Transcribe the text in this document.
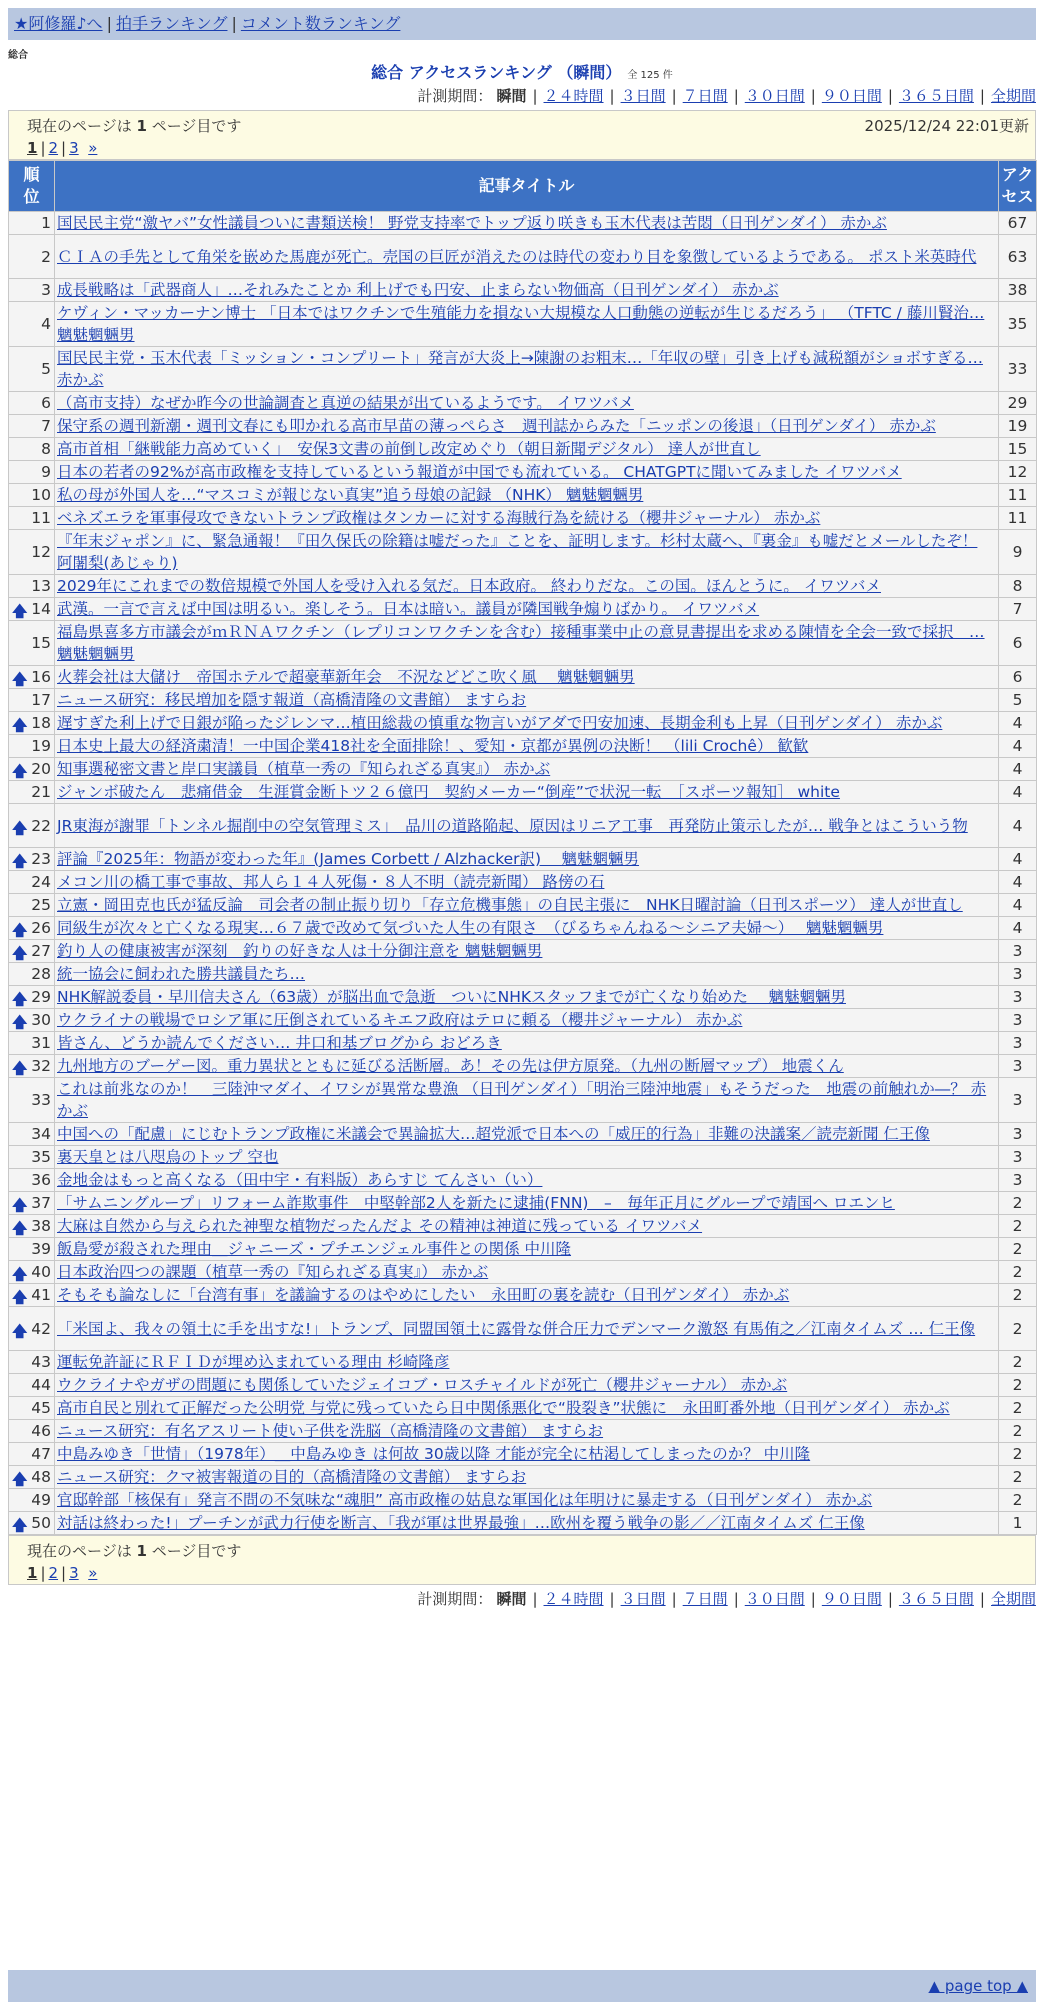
★阿修羅♪へ | 拍手ランキング | コメント数ランキング
総合
総合 アクセスランキング （瞬間） 全 125 件
計測期間： 瞬間 | ２４時間 | ３日間 | ７日間 | ３０日間 | ９０日間 | ３６５日間 | 全期間
現在のページは 1 ページ目です	2025/12/24 22:01更新
1 | 2 | 3 »
順
位	記事タイトル	アク
セス
1	国民民主党“激ヤバ”女性議員ついに書類送検！ 野党支持率でトップ返り咲きも玉木代表は苦悶（日刊ゲンダイ） 赤かぶ	67
2	ＣＩＡの手先として角栄を嵌めた馬鹿が死亡。売国の巨匠が消えたのは時代の変わり目を象徴しているようである。 ポスト米英時代	63
3	成長戦略は「武器商人」…それみたことか 利上げでも円安、止まらない物価高（日刊ゲンダイ） 赤かぶ	38
4	ケヴィン・マッカーナン博士 「日本ではワクチンで生殖能力を損ない大規模な人口動態の逆転が生じるだろう」 （TFTC / 藤川賢治… 魑魅魍魎男	35
5	国民民主党・玉木代表「ミッション・コンプリート」発言が大炎上→陳謝のお粗末…「年収の壁」引き上げも減税額がショボすぎる… 赤かぶ	33
6	（高市支持）なぜか昨今の世論調査と真逆の結果が出ているようです。 イワツバメ	29
7	保守系の週刊新潮・週刊文春にも叩かれる高市早苗の薄っぺらさ　週刊誌からみた「ニッポンの後退」（日刊ゲンダイ） 赤かぶ	19
8	高市首相「継戦能力高めていく」　安保3文書の前倒し改定めぐり（朝日新聞デジタル） 達人が世直し	15
9	日本の若者の92%が高市政権を支持しているという報道が中国でも流れている。 CHATGPTに聞いてみました イワツバメ	12
10	私の母が外国人を…“マスコミが報じない真実”追う母娘の記録 （NHK） 魑魅魍魎男	11
11	ベネズエラを軍事侵攻できないトランプ政権はタンカーに対する海賊行為を続ける（櫻井ジャーナル） 赤かぶ	11
12	『年末ジャポン』に、緊急通報！『田久保氏の除籍は嘘だった』ことを、証明します。杉村太蔵へ、『裏金』も嘘だとメールしたぞ！ 阿闍梨(あじゃり)	9
13	2029年にこれまでの数倍規模で外国人を受け入れる気だ。日本政府。 終わりだな。この国。ほんとうに。 イワツバメ	8

🡅 14	武漢。一言で言えば中国は明るい。楽しそう。日本は暗い。議員が隣国戦争煽りばかり。 イワツバメ	7
15	福島県喜多方市議会がｍＲＮＡワクチン（レプリコンワクチンを含む）接種事業中止の意見書提出を求める陳情を全会一致で採択　… 魑魅魍魎男	6

🡅 16	火葬会社は大儲け　帝国ホテルで超豪華新年会　不況などどこ吹く風　 魑魅魍魎男	6
17	ニュース研究：移民増加を隠す報道（高橋清隆の文書館） ますらお	5

🡅 18	遅すぎた利上げで日銀が陥ったジレンマ…植田総裁の慎重な物言いがアダで円安加速、長期金利も上昇（日刊ゲンダイ） 赤かぶ	4
19	日本史上最大の経済粛清！一中国企業418社を全面排除！、愛知・京都が異例の決断！ （lili Crochê） 歓歓	4

🡅 20	知事選秘密文書と岸口実議員（植草一秀の『知られざる真実』） 赤かぶ	4
21	ジャンボ破たん　悲痛借金　生涯賞金断トツ２６億円　契約メーカー“倒産”で状況一転　［スポーツ報知］ white	4

🡅 22	JR東海が謝罪「トンネル掘削中の空気管理ミス」　品川の道路陥起、原因はリニア工事　再発防止策示したが… 戦争とはこういう物	4

🡅 23	評論『2025年：物語が変わった年』(James Corbett / Alzhacker訳)　 魑魅魍魎男	4
24	メコン川の橋工事で事故、邦人ら１４人死傷・８人不明（読売新聞） 路傍の石	4
25	立憲・岡田克也氏が猛反論　司会者の制止振り切り「存立危機事態」の自民主張に　NHK日曜討論（日刊スポーツ） 達人が世直し	4

🡅 26	同級生が次々と亡くなる現実…６７歳で改めて気づいた人生の有限さ　（びるちゃんねる～シニア夫婦～）　 魑魅魍魎男	4

🡅 27	釣り人の健康被害が深刻　釣りの好きな人は十分御注意を 魑魅魍魎男	3
28	統一協会に飼われた勝共議員たち…	3

🡅 29	NHK解説委員・早川信夫さん（63歳）が脳出血で急逝　ついにNHKスタッフまでが亡くなり始めた　 魑魅魍魎男	3

🡅 30	ウクライナの戦場でロシア軍に圧倒されているキエフ政府はテロに頼る（櫻井ジャーナル） 赤かぶ	3
31	皆さん、どうか読んでください… 井口和基ブログから おどろき	3

🡅 32	九州地方のブーゲー図。重力異状とともに延びる活断層。あ！その先は伊方原発。（九州の断層マップ） 地震くん	3
33	これは前兆なのか！　三陸沖マダイ、イワシが異常な豊漁 （日刊ゲンダイ）「明治三陸沖地震」もそうだった　地震の前触れか―？ 赤かぶ	3
34	中国への「配慮」にじむトランプ政権に米議会で異論拡大…超党派で日本への「威圧的行為」非難の決議案／読売新聞 仁王像	3
35	裏天皇とは八咫烏のトップ 空也	3
36	金地金はもっと高くなる（田中宇・有料版）あらすじ てんさい（い）	3

🡅 37	「サムニングループ」リフォーム詐欺事件　中堅幹部2人を新たに逮捕(FNN)　–　毎年正月にグループで靖国へ ロエンヒ	2

🡅 38	大麻は自然から与えられた神聖な植物だったんだよ その精神は神道に残っている イワツバメ	2
39	飯島愛が殺された理由＿ジャニーズ・プチエンジェル事件との関係 中川隆	2

🡅 40	日本政治四つの課題（植草一秀の『知られざる真実』） 赤かぶ	2

🡅 41	そもそも論なしに「台湾有事」を議論するのはやめにしたい　永田町の裏を読む（日刊ゲンダイ） 赤かぶ	2

🡅 42	「米国よ、我々の領土に手を出すな!」トランプ、同盟国領土に露骨な併合圧力でデンマーク激怒 有馬侑之／江南タイムズ … 仁王像	2
43	運転免許証にＲＦＩＤが埋め込まれている理由 杉崎隆彦	2
44	ウクライナやガザの問題にも関係していたジェイコブ・ロスチャイルドが死亡（櫻井ジャーナル） 赤かぶ	2
45	高市自民と別れて正解だった公明党 与党に残っていたら日中関係悪化で“股裂き”状態に　永田町番外地（日刊ゲンダイ） 赤かぶ	2
46	ニュース研究：有名アスリート使い子供を洗脳（高橋清隆の文書館） ますらお	2
47	中島みゆき「世情」（1978年）＿中島みゆき は何故 30歳以降 才能が完全に枯渇してしまったのか？ 中川隆	2

🡅 48	ニュース研究：クマ被害報道の目的（高橋清隆の文書館） ますらお	2
49	官邸幹部「核保有」発言不問の不気味な“魂胆” 高市政権の姑息な軍国化は年明けに暴走する（日刊ゲンダイ） 赤かぶ	2

🡅 50	対話は終わった!」プーチンが武力行使を断言、「我が軍は世界最強」…欧州を覆う戦争の影／／江南タイムズ 仁王像	1
現在のページは 1 ページ目です
1 | 2 | 3 »
計測期間： 瞬間 | ２４時間 | ３日間 | ７日間 | ３０日間 | ９０日間 | ３６５日間 | 全期間
▲ page top ▲
